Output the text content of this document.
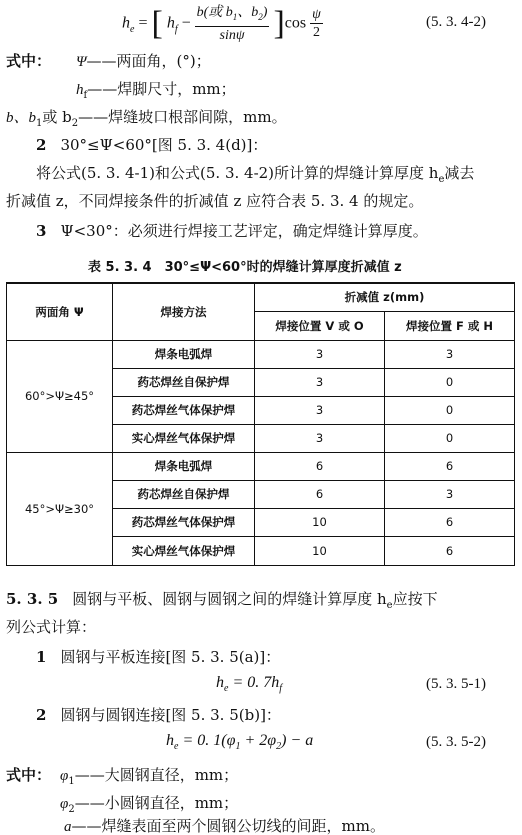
$h_e$ = [ $h_f - \frac{b(或 b_1、b_2)}{\sin\psi} ]\cos \frac{\psi}{2}$	(5. 3. 4-2)
式中： Ψ——两面角，(°)；
$h_f——$焊脚尺寸，mm；
b、$b_1$或 $b_2——$焊缝坡口根部间隙，mm。
2 30°≤Ψ<60°[图 5. 3. 4(d)]：
将公式(5. 3. 4-1)和公式(5. 3. 4-2)所计算的焊缝计算厚度 $h_e$减去
折减值 z，不同焊接条件的折减值 z 应符合表 5. 3. 4 的规定。
3 Ψ<30°：必须进行焊接工艺评定，确定焊缝计算厚度。
表 5. 3. 4　30°≤Ψ<60°时的焊缝计算厚度折减值 z
两面角 Ψ	焊接方法	折减值 z(mm)	
		焊接位置 V 或 O	焊接位置 F 或 H
60°>Ψ≥45°	焊条电弧焊	3	3
	药芯焊丝自保护焊	3	0
	药芯焊丝气体保护焊	3	0
	实心焊丝气体保护焊	3	0
45°>Ψ≥30°	焊条电弧焊	6	6
	药芯焊丝自保护焊	6	3
	药芯焊丝气体保护焊	10	6
	实心焊丝气体保护焊	10	6
5. 3. 5 圆钢与平板、圆钢与圆钢之间的焊缝计算厚度 $h_e$应按下
列公式计算：
1 圆钢与平板连接[图 5. 3. 5(a)]：
$h_e = 0$. $7h_f$	(5. 3. 5-1)
2 圆钢与圆钢连接[图 5. 3. 5(b)]：
$h_e = 0$. $1(\varphi_1 + 2\varphi_2) - a$	(5. 3. 5-2)
式中： $\varphi_1——$大圆钢直径，mm；
$\varphi_2——$小圆钢直径，mm；
a——焊缝表面至两个圆钢公切线的间距，mm。
